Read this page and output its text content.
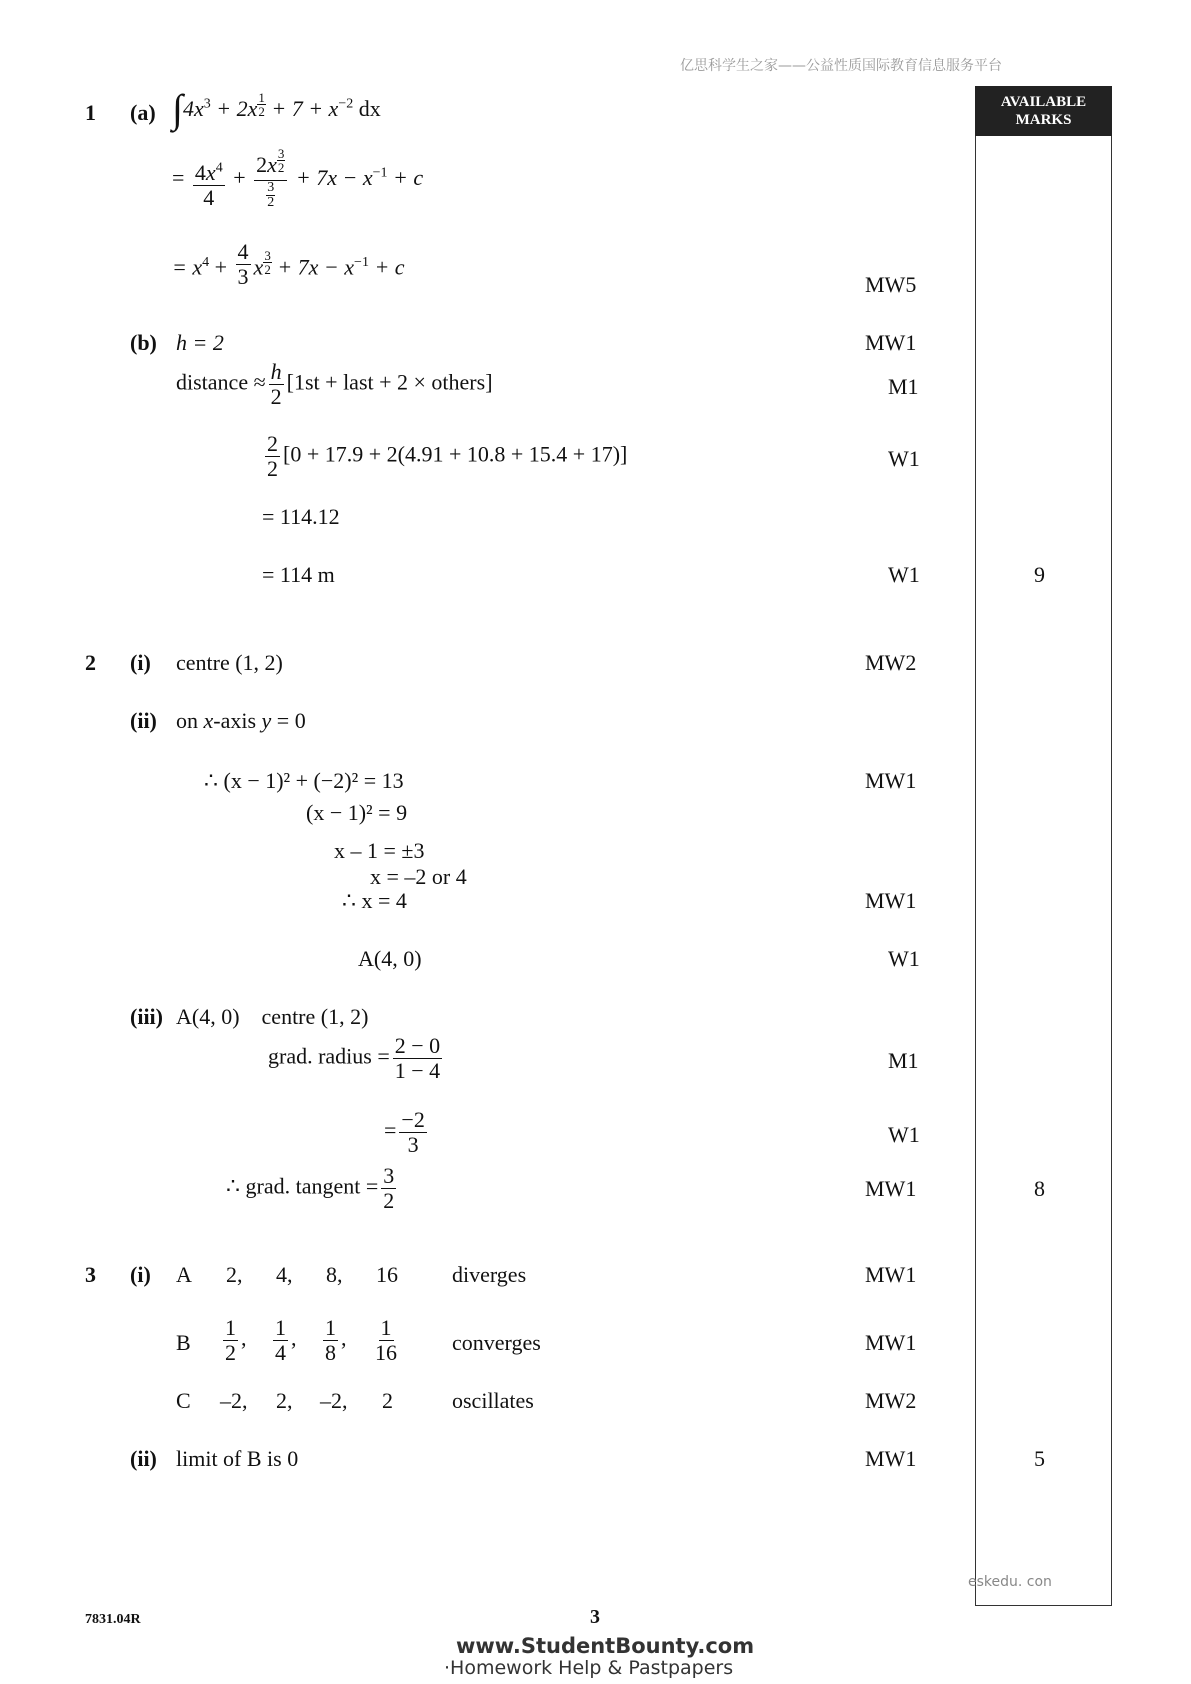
亿思科学生之家——公益性质国际教育信息服务平台
AVAILABLE
MARKS
1 (a) $\int 4x^3 + 2x \frac{1}{2} + 7 + x^{-2}$ dx
= $\frac{4x^4}{4} + \frac{2x \frac{3}{2}}{\frac{3}{2}} + 7x - x^{-1} + c$
= $x^4 + \frac{4}{3}$ x $\frac{3}{2} + 7x - x^{-1} + c$
MW5
(b) h = 2	MW1
distance ≈ $\frac{h}{2} [1st$ + last + 2 × others]	M1
$\frac{2}{2} [0 + 17.9 + 2(4.91 + 10.8 + 15.4 + 17)]$	W1
= 114.12
= 114 m	W1	9
2 (i) centre (1, 2)	MW2
(ii) on x-axis y = 0
∴ (x − 1)² + (−2)² = 13	MW1
(x − 1)² = 9
x – 1 = ±3
x = –2 or 4
∴ x = 4	MW1
A(4, 0)	W1
(iii) A(4, 0)    centre (1, 2)
grad. radius = $\frac{2 - 0}{1 - 4}$	M1
= $\frac{-2}{3}$	W1
∴ grad. tangent = $\frac{3}{2}$	MW1	8
3 (i) A 2, 4, 8, 16 diverges	MW1
B $\frac{1}{2}$ , $\frac{1}{4}$ , $\frac{1}{8}$ , $\frac{1}{16}$ converges	MW1
C –2, 2, –2, 2	oscillates	MW2
(ii) limit of B is 0	MW1	5
eskedu. con
7831.04R	3
www.StudentBounty.com
·Homework Help & Pastpapers
